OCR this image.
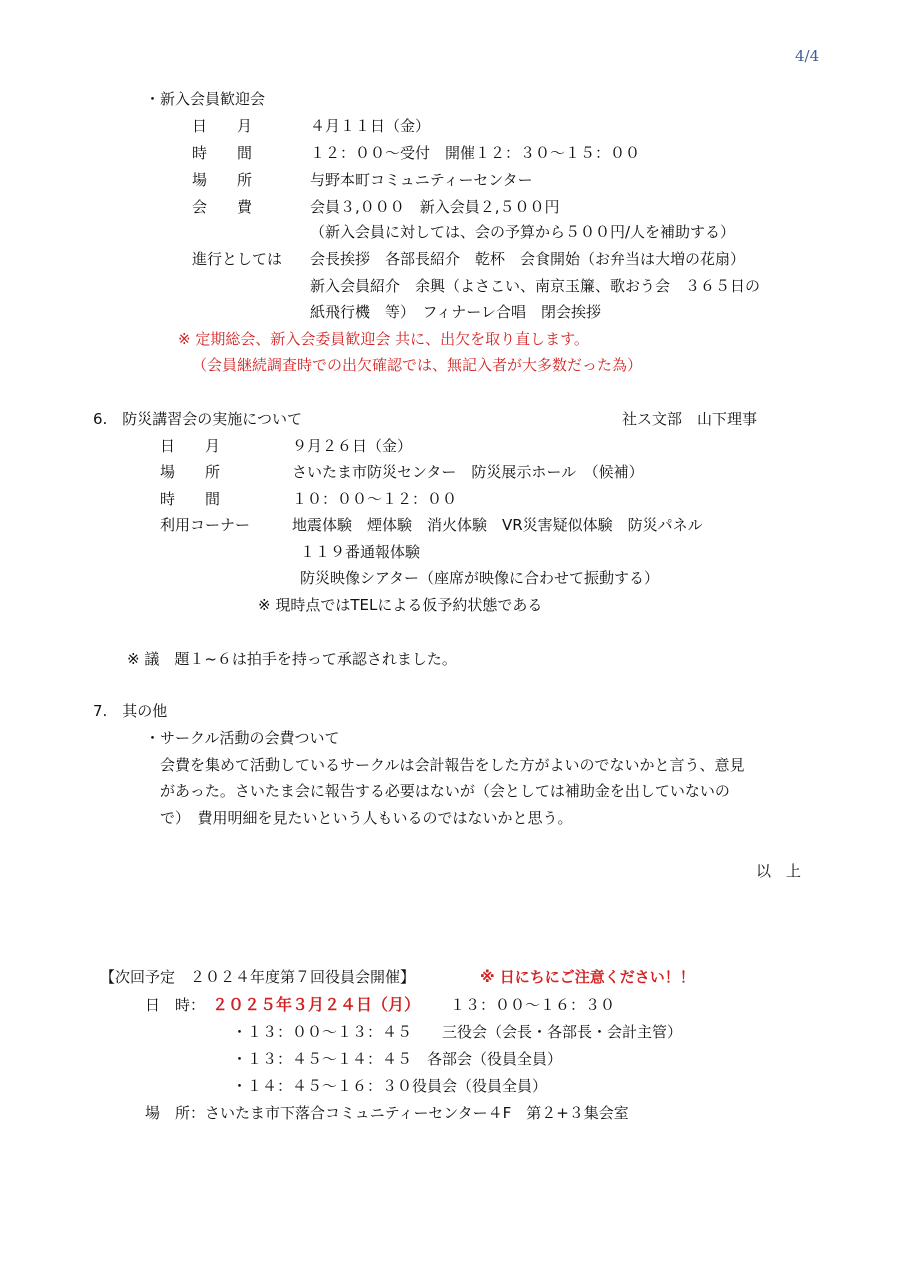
4/4
・新入会員歓迎会
日　　月	４月１１日（金）
時　　間	１２：００～受付　開催１２：３０～１５：００
場　　所	与野本町コミュニティーセンター
会　　費	会員３,０００　新入会員２,５００円
（新入会員に対しては、会の予算から５００円/人を補助する）
進行としては 会長挨拶　各部長紹介　乾杯　会食開始（お弁当は大増の花扇）
新入会員紹介　余興（よさこい、南京玉簾、歌おう会　３６５日の
紙飛行機　等）　フィナーレ合唱　閉会挨拶
※ 定期総会、新入会委員歓迎会 共に、出欠を取り直します。
（会員継続調査時での出欠確認では、無記入者が大多数だった為）
6.　防災講習会の実施について	社ス文部　山下理事
日　　月	９月２６日（金）
場　　所	さいたま市防災センター　防災展示ホール　（候補）
時　　間	１０：００～１２：００
利用コーナー	地震体験　煙体験　消火体験　VR災害疑似体験　防災パネル
１１９番通報体験
防災映像シアター（座席が映像に合わせて振動する）
※ 現時点ではTELによる仮予約状態である
※ 議　題１~６は拍手を持って承認されました。
7.　其の他
・サークル活動の会費ついて
会費を集めて活動しているサークルは会計報告をした方がよいのでないかと言う、意見
があった。さいたま会に報告する必要はないが（会としては補助金を出していないの
で）　費用明細を見たいという人もいるのではないかと思う。
以　上
【次回予定　２０２４年度第７回役員会開催】	※ 日にちにご注意ください！！
日　時： ２０２５年３月２４日（月） １３：００～１６：３０
・１３：００～１３：４５　　三役会（会長・各部長・会計主管）
・１３：４５～１４：４５　各部会（役員全員）
・１４：４５～１６：３０役員会（役員全員）
場　所：さいたま市下落合コミュニティーセンター４F　第２+３集会室
